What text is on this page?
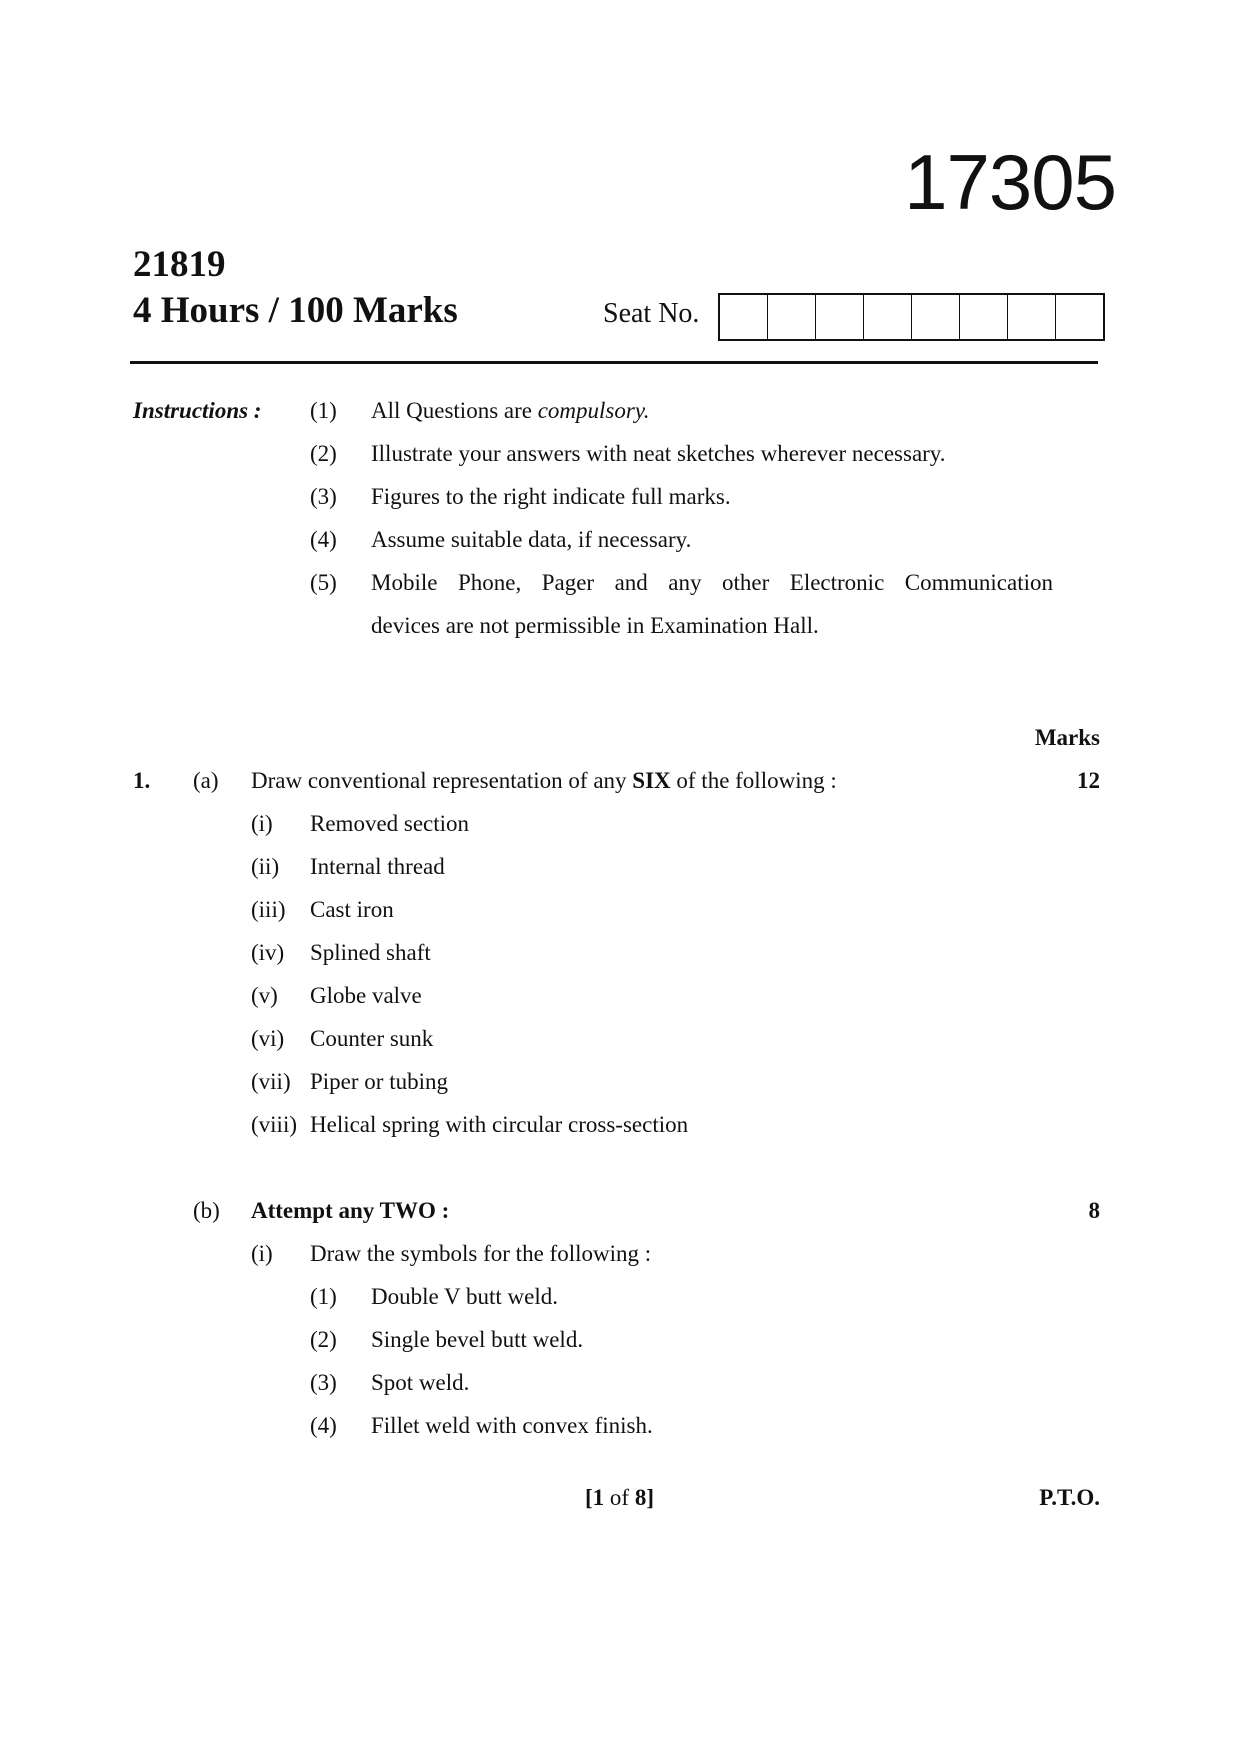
17305
21819
4 Hours / 100 Marks	Seat No.
Instructions : (1) All Questions are compulsory.
(2) Illustrate your answers with neat sketches wherever necessary.
(3) Figures to the right indicate full marks.
(4) Assume suitable data, if necessary.
(5) Mobile Phone, Pager and any other Electronic Communication
devices are not permissible in Examination Hall.
Marks
1. (a) Draw conventional representation of any SIX of the following :	12
(i) Removed section
(ii) Internal thread
(iii) Cast iron
(iv) Splined shaft
(v) Globe valve
(vi) Counter sunk
(vii) Piper or tubing
(viii) Helical spring with circular cross-section
(b) Attempt any TWO :	8
(i) Draw the symbols for the following :
(1) Double V butt weld.
(2) Single bevel butt weld.
(3) Spot weld.
(4) Fillet weld with convex finish.
[1 of 8]	P.T.O.
